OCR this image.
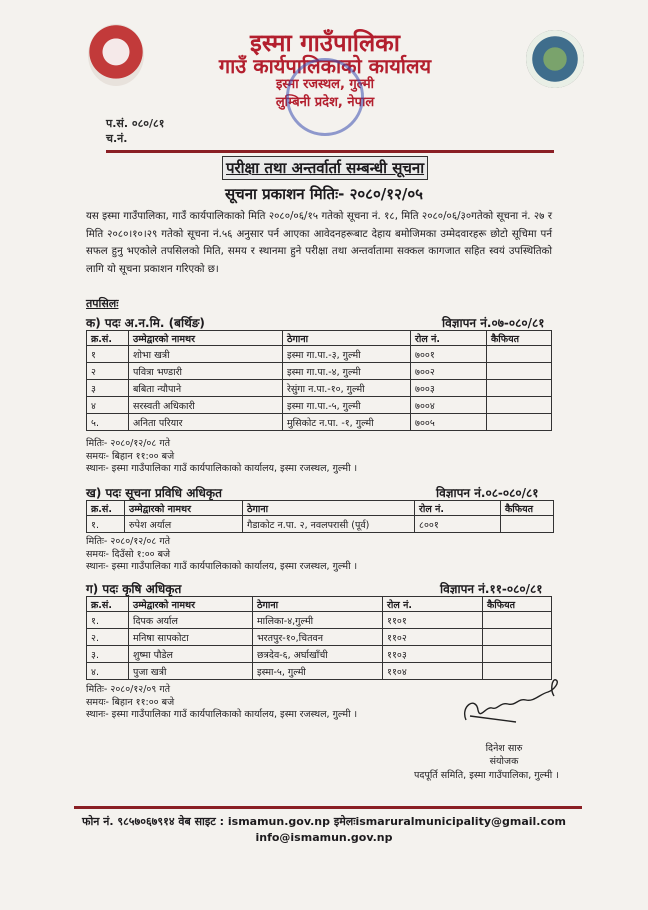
इस्मा गाउँपालिका
गाउँ कार्यपालिकाको कार्यालय
इस्मा रजस्थल, गुल्मी
लुम्बिनी प्रदेश, नेपाल
प.सं. ०८०/८१
च.नं.
परीक्षा तथा अन्तर्वार्ता सम्बन्धी सूचना
सूचना प्रकाशन मितिः- २०८०/१२/०५
यस इस्मा गाउँपालिका, गाउँ कार्यपालिकाको मिति २०८०/०६/१५ गतेको सूचना नं. १८, मिति २०८०/०६/३०गतेको सूचना नं. २७ र मिति २०८०।१०।२९ गतेको सूचना नं.५६ अनुसार पर्न आएका आवेदनहरूबाट देहाय बमोजिमका उम्मेदवारहरू छोटो सूचिमा पर्न सफल हुनु भएकोले तपसिलको मिति, समय र स्थानमा हुने परीक्षा तथा अन्तर्वातामा सक्कल कागजात सहित स्वयं उपस्थितिको लागि यो सूचना प्रकाशन गरिएको छ।
तपसिलः
क) पदः अ.न.मि. (बर्थिङ)	विज्ञापन नं.०७-०८०/८१
क्र.सं.	उम्मेद्वारको नामथर	ठेगाना	रोल नं.	कैफियत
१	शोभा खत्री	इस्मा गा.पा.-३, गुल्मी	७००१	
२	पवित्रा भण्डारी	इस्मा गा.पा.-४, गुल्मी	७००२	
३	बबिता न्यौपाने	रेसुंगा न.पा.-१०, गुल्मी	७००३	
४	सरस्वती अधिकारी	इस्मा गा.पा.-५, गुल्मी	७००४	
५.	अनिता परियार	मुसिकोट न.पा. -१, गुल्मी	७००५	
मितिः- २०८०/१२/०८ गते
समयः- बिहान ११:०० बजे
स्थानः- इस्मा गाउँपालिका गाउँ कार्यपालिकाको कार्यालय, इस्मा रजस्थल, गुल्मी ।
ख) पदः सूचना प्रविधि अधिकृत	विज्ञापन नं.०८-०८०/८१
क्र.सं.	उम्मेद्वारको नामथर	ठेगाना	रोल नं.	कैफियत
१.	रुपेश अर्याल	गैडाकोट न.पा. २, नवलपरासी (पूर्व)	८००१	
मितिः- २०८०/१२/०८ गते
समयः- दिउँसो १:०० बजे
स्थानः- इस्मा गाउँपालिका गाउँ कार्यपालिकाको कार्यालय, इस्मा रजस्थल, गुल्मी ।
ग) पदः कृषि अधिकृत	विज्ञापन नं.११-०८०/८१
क्र.सं.	उम्मेद्वारको नामथर	ठेगाना	रोल नं.	कैफियत
१.	दिपक अर्याल	मालिका-४,गुल्मी	११०१	
२.	मनिषा सापकोटा	भरतपुर-१०,चितवन	११०२	
३.	शुष्मा पौडेल	छत्रदेव-६, अर्घाखाँची	११०३	
४.	पुजा खत्री	इस्मा-५, गुल्मी	११०४	
मितिः- २०८०/१२/०९ गते
समयः- बिहान ११:०० बजे
स्थानः- इस्मा गाउँपालिका गाउँ कार्यपालिकाको कार्यालय, इस्मा रजस्थल, गुल्मी ।
दिनेश सारु
संयोजक
पदपूर्ति समिति, इस्मा गाउँपालिका, गुल्मी ।
फोन नं. ९८५७०६७९१४ वेब साइट : ismamun.gov.np इमेलःismaruralmunicipality@gmail.com
info@ismamun.gov.np
